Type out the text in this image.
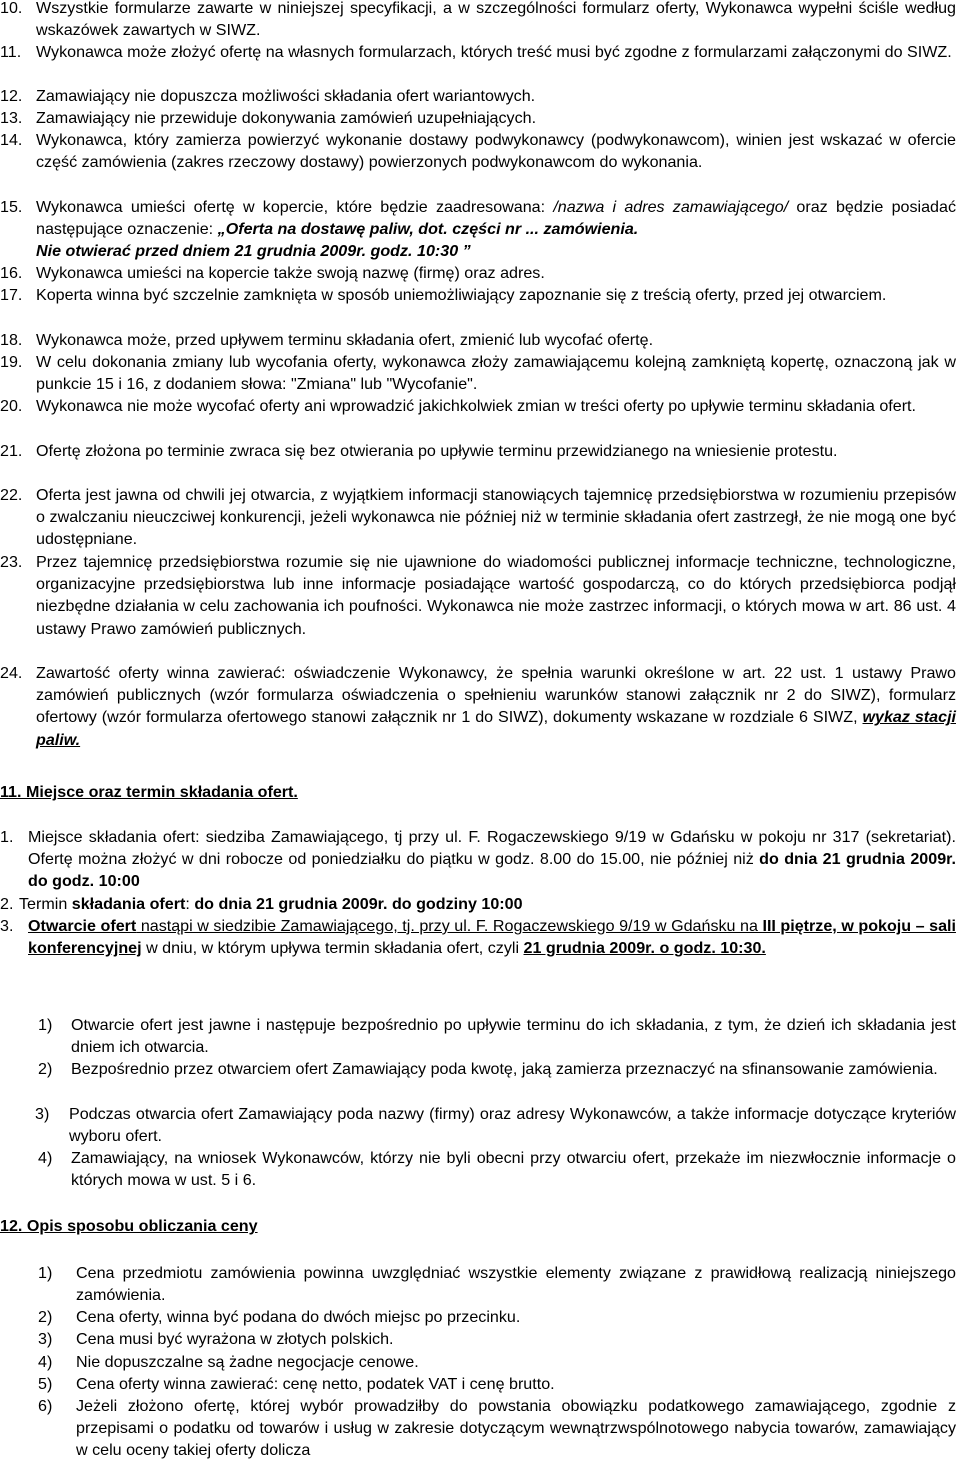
10. Wszystkie formularze zawarte w niniejszej specyfikacji, a w szczególności formularz oferty, Wykonawca wypełni ściśle według wskazówek zawartych w SIWZ.
11. Wykonawca może złożyć ofertę na własnych formularzach, których treść musi być zgodne z formularzami załączonymi do SIWZ.
12. Zamawiający nie dopuszcza możliwości składania ofert wariantowych.
13. Zamawiający nie przewiduje dokonywania zamówień uzupełniających.
14. Wykonawca, który zamierza powierzyć wykonanie dostawy podwykonawcy (podwykonawcom), winien jest wskazać w ofercie część zamówienia (zakres rzeczowy dostawy) powierzonych podwykonawcom do wykonania.
15. Wykonawca umieści ofertę w kopercie, które będzie zaadresowana: /nazwa i adres zamawiającego/ oraz będzie posiadać następujące oznaczenie: „Oferta na dostawę paliw, dot. części nr ... zamówienia.
Nie otwierać przed dniem 21 grudnia 2009r. godz. 10:30 ”
16. Wykonawca umieści na kopercie także swoją nazwę (firmę) oraz adres.
17. Koperta winna być szczelnie zamknięta w sposób uniemożliwiający zapoznanie się z treścią oferty, przed jej otwarciem.
18. Wykonawca może, przed upływem terminu składania ofert, zmienić lub wycofać ofertę.
19. W celu dokonania zmiany lub wycofania oferty, wykonawca złoży zamawiającemu kolejną zamkniętą kopertę, oznaczoną jak w punkcie 15 i 16, z dodaniem słowa: "Zmiana" lub "Wycofanie".
20. Wykonawca nie może wycofać oferty ani wprowadzić jakichkolwiek zmian w treści oferty po upływie terminu składania ofert.
21. Ofertę złożona po terminie zwraca się bez otwierania po upływie terminu przewidzianego na wniesienie protestu.
22. Oferta jest jawna od chwili jej otwarcia, z wyjątkiem informacji stanowiących tajemnicę przedsiębiorstwa w rozumieniu przepisów o zwalczaniu nieuczciwej konkurencji, jeżeli wykonawca nie później niż w terminie składania ofert zastrzegł, że nie mogą one być udostępniane.
23. Przez tajemnicę przedsiębiorstwa rozumie się nie ujawnione do wiadomości publicznej informacje techniczne, technologiczne, organizacyjne przedsiębiorstwa lub inne informacje posiadające wartość gospodarczą, co do których przedsiębiorca podjął niezbędne działania w celu zachowania ich poufności. Wykonawca nie może zastrzec informacji, o których mowa w art. 86 ust. 4 ustawy Prawo zamówień publicznych.
24. Zawartość oferty winna zawierać: oświadczenie Wykonawcy, że spełnia warunki określone w art. 22 ust. 1 ustawy Prawo zamówień publicznych (wzór formularza oświadczenia o spełnieniu warunków stanowi załącznik nr 2 do SIWZ), formularz ofertowy (wzór formularza ofertowego stanowi załącznik nr 1 do SIWZ), dokumenty wskazane w rozdziale 6 SIWZ, wykaz stacji paliw.
11. Miejsce oraz termin składania ofert.
1. Miejsce składania ofert: siedziba Zamawiającego, tj przy ul. F. Rogaczewskiego 9/19 w Gdańsku w pokoju nr 317 (sekretariat). Ofertę można złożyć w dni robocze od poniedziałku do piątku w godz. 8.00 do 15.00, nie później niż do dnia 21 grudnia 2009r. do godz. 10:00
2. Termin składania ofert: do dnia 21 grudnia 2009r. do godziny 10:00
3. Otwarcie ofert nastąpi w siedzibie Zamawiającego, tj. przy ul. F. Rogaczewskiego 9/19 w Gdańsku na III piętrze, w pokoju – sali konferencyjnej w dniu, w którym upływa termin składania ofert, czyli 21 grudnia 2009r. o godz. 10:30.
1) Otwarcie ofert jest jawne i następuje bezpośrednio po upływie terminu do ich składania, z tym, że dzień ich składania jest dniem ich otwarcia.
2) Bezpośrednio przez otwarciem ofert Zamawiający poda kwotę, jaką zamierza przeznaczyć na sfinansowanie zamówienia.
3) Podczas otwarcia ofert Zamawiający poda nazwy (firmy) oraz adresy Wykonawców, a także informacje dotyczące kryteriów wyboru ofert.
4) Zamawiający, na wniosek Wykonawców, którzy nie byli obecni przy otwarciu ofert, przekaże im niezwłocznie informacje o których mowa w ust. 5 i 6.
12. Opis sposobu obliczania ceny
1) Cena przedmiotu zamówienia powinna uwzględniać wszystkie elementy związane z prawidłową realizacją niniejszego zamówienia.
2) Cena oferty, winna być podana do dwóch miejsc po przecinku.
3) Cena musi być wyrażona w złotych polskich.
4) Nie dopuszczalne są żadne negocjacje cenowe.
5) Cena oferty winna zawierać: cenę netto, podatek VAT i cenę brutto.
6) Jeżeli złożono ofertę, której wybór prowadziłby do powstania obowiązku podatkowego zamawiającego, zgodnie z przepisami o podatku od towarów i usług w zakresie dotyczącym wewnątrzwspólnotowego nabycia towarów, zamawiający w celu oceny takiej oferty dolicza
